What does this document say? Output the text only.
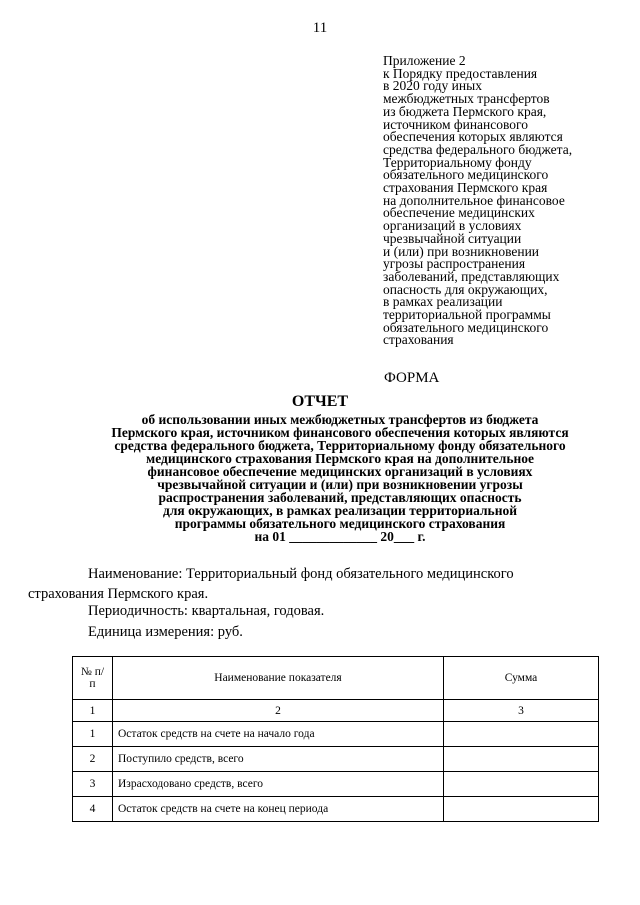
11
Приложение 2
к Порядку предоставления
в 2020 году иных
межбюджетных трансфертов
из бюджета Пермского края,
источником финансового
обеспечения которых являются
средства федерального бюджета,
Территориальному фонду
обязательного медицинского
страхования Пермского края
на дополнительное финансовое
обеспечение медицинских
организаций в условиях
чрезвычайной ситуации
и (или) при возникновении
угрозы распространения
заболеваний, представляющих
опасность для окружающих,
в рамках реализации
территориальной программы
обязательного медицинского
страхования
ФОРМА
ОТЧЕТ
об использовании иных межбюджетных трансфертов из бюджета
Пермского края, источником финансового обеспечения которых являются
средства федерального бюджета, Территориальному фонду обязательного
медицинского страхования Пермского края на дополнительное
финансовое обеспечение медицинских организаций в условиях
чрезвычайной ситуации и (или) при возникновении угрозы
распространения заболеваний, представляющих опасность
для окружающих, в рамках реализации территориальной
программы обязательного медицинского страхования
на 01 _____________ 20___ г.
Наименование: Территориальный фонд обязательного медицинского
страхования Пермского края.
Периодичность: квартальная, годовая.
Единица измерения: руб.
№ п/п	Наименование показателя	Сумма
1	2	3
1	Остаток средств на счете на начало года	
2	Поступило средств, всего	
3	Израсходовано средств, всего	
4	Остаток средств на счете на конец периода	
